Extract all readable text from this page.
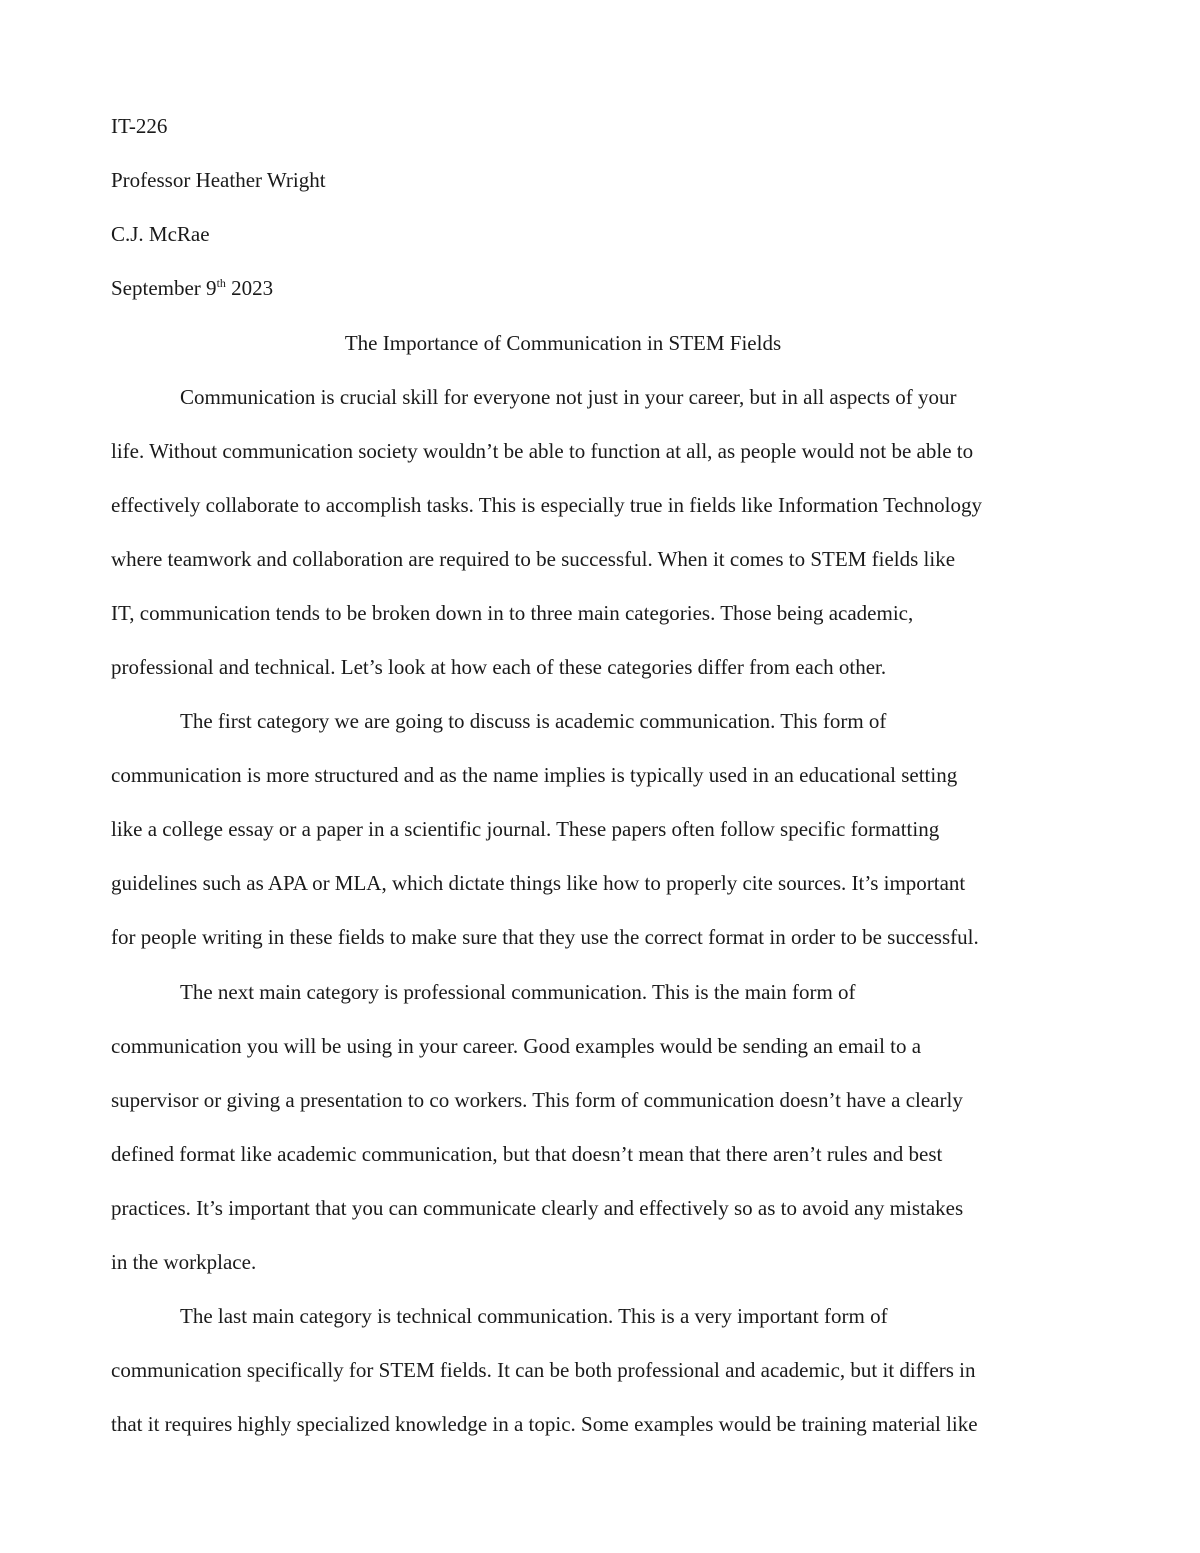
IT-226
Professor Heather Wright
C.J. McRae
September 9th 2023
The Importance of Communication in STEM Fields
Communication is crucial skill for everyone not just in your career, but in all aspects of your
life. Without communication society wouldn’t be able to function at all, as people would not be able to
effectively collaborate to accomplish tasks. This is especially true in fields like Information Technology
where teamwork and collaboration are required to be successful. When it comes to STEM fields like
IT, communication tends to be broken down in to three main categories. Those being academic,
professional and technical. Let’s look at how each of these categories differ from each other.
The first category we are going to discuss is academic communication. This form of
communication is more structured and as the name implies is typically used in an educational setting
like a college essay or a paper in a scientific journal. These papers often follow specific formatting
guidelines such as APA or MLA, which dictate things like how to properly cite sources. It’s important
for people writing in these fields to make sure that they use the correct format in order to be successful.
The next main category is professional communication. This is the main form of
communication you will be using in your career. Good examples would be sending an email to a
supervisor or giving a presentation to co workers. This form of communication doesn’t have a clearly
defined format like academic communication, but that doesn’t mean that there aren’t rules and best
practices. It’s important that you can communicate clearly and effectively so as to avoid any mistakes
in the workplace.
The last main category is technical communication. This is a very important form of
communication specifically for STEM fields. It can be both professional and academic, but it differs in
that it requires highly specialized knowledge in a topic. Some examples would be training material like
